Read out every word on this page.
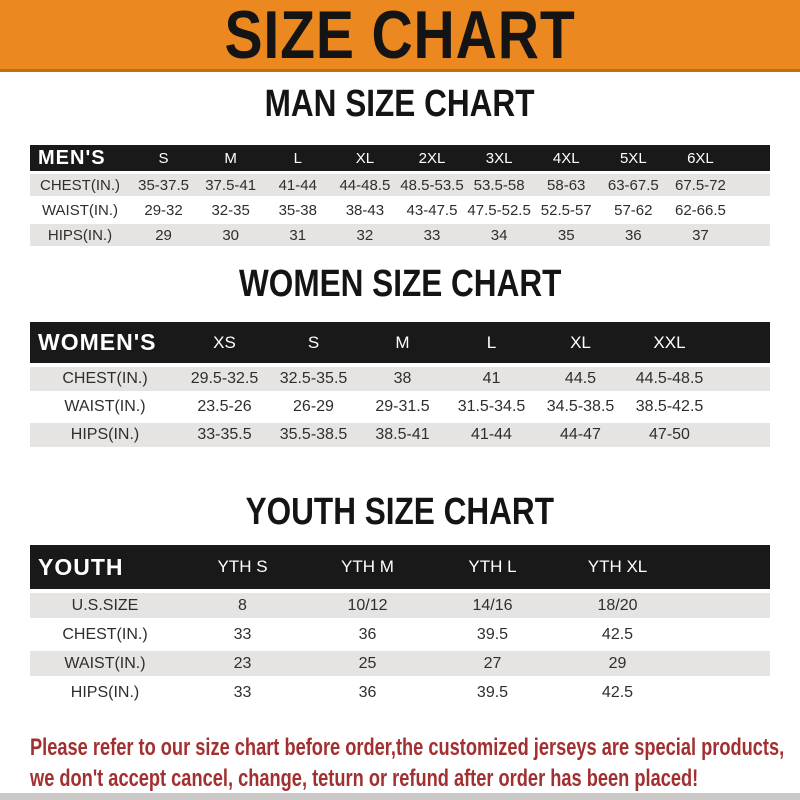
SIZE CHART
MAN SIZE CHART
MEN'S	S	M	L	XL	2XL	3XL	4XL	5XL	6XL
CHEST(IN.)	35-37.5	37.5-41	41-44	44-48.5 48.5-53.5 53.5-58	58-63	63-67.5	67.5-72
WAIST(IN.)	29-32	32-35	35-38	38-43	43-47.5 47.5-52.5 52.5-57	57-62	62-66.5
HIPS(IN.)	29	30	31	32	33	34	35	36	37
WOMEN SIZE CHART
WOMEN'S	XS	S	M	L	XL	XXL
CHEST(IN.)	29.5-32.5	32.5-35.5	38	41	44.5	44.5-48.5
WAIST(IN.)	23.5-26	26-29	29-31.5	31.5-34.5	34.5-38.5	38.5-42.5
HIPS(IN.)	33-35.5	35.5-38.5	38.5-41	41-44	44-47	47-50
YOUTH SIZE CHART
YOUTH	YTH S	YTH M	YTH L	YTH XL
U.S.SIZE	8	10/12	14/16	18/20
CHEST(IN.)	33	36	39.5	42.5
WAIST(IN.)	23	25	27	29
HIPS(IN.)	33	36	39.5	42.5
Please refer to our size chart before order,the customized jerseys are special products,
we don't accept cancel, change, teturn or refund after order has been placed!
